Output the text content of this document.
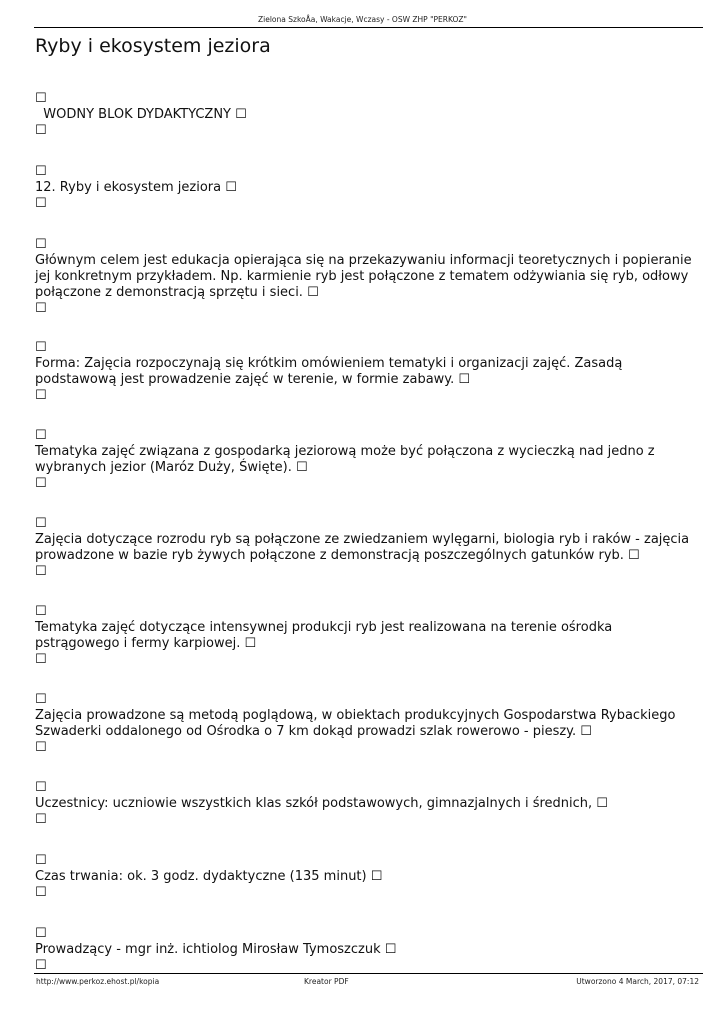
Zielona SzkoÅa, Wakacje, Wczasy - OSW ZHP "PERKOZ"
Ryby i ekosystem jeziora
☐
WODNY BLOK DYDAKTYCZNY ☐
☐
☐
12. Ryby i ekosystem jeziora ☐
☐
☐
Głównym celem jest edukacja opierająca się na przekazywaniu informacji teoretycznych i popieranie jej konkretnym przykładem. Np. karmienie ryb jest połączone z tematem odżywiania się ryb, odłowy połączone z demonstracją sprzętu i sieci. ☐
☐
☐
Forma: Zajęcia rozpoczynają się krótkim omówieniem tematyki i organizacji zajęć. Zasadą podstawową jest prowadzenie zajęć w terenie, w formie zabawy. ☐
☐
☐
Tematyka zajęć związana z gospodarką jeziorową może być połączona z wycieczką nad jedno z wybranych jezior (Maróz Duży, Święte). ☐
☐
☐
Zajęcia dotyczące rozrodu ryb są połączone ze zwiedzaniem wylęgarni, biologia ryb i raków - zajęcia prowadzone w bazie ryb żywych połączone z demonstracją poszczególnych gatunków ryb. ☐
☐
☐
Tematyka zajęć dotyczące intensywnej produkcji ryb jest realizowana na terenie ośrodka pstrągowego i fermy karpiowej. ☐
☐
☐
Zajęcia prowadzone są metodą poglądową, w obiektach produkcyjnych Gospodarstwa Rybackiego Szwaderki oddalonego od Ośrodka o 7 km dokąd prowadzi szlak rowerowo - pieszy. ☐
☐
☐
Uczestnicy: uczniowie wszystkich klas szkół podstawowych, gimnazjalnych i średnich, ☐
☐
☐
Czas trwania: ok. 3 godz. dydaktyczne (135 minut) ☐
☐
☐
Prowadzący - mgr inż. ichtiolog Mirosław Tymoszczuk ☐
☐
http://www.perkoz.ehost.pl/kopia	Kreator PDF	Utworzono 4 March, 2017, 07:12
